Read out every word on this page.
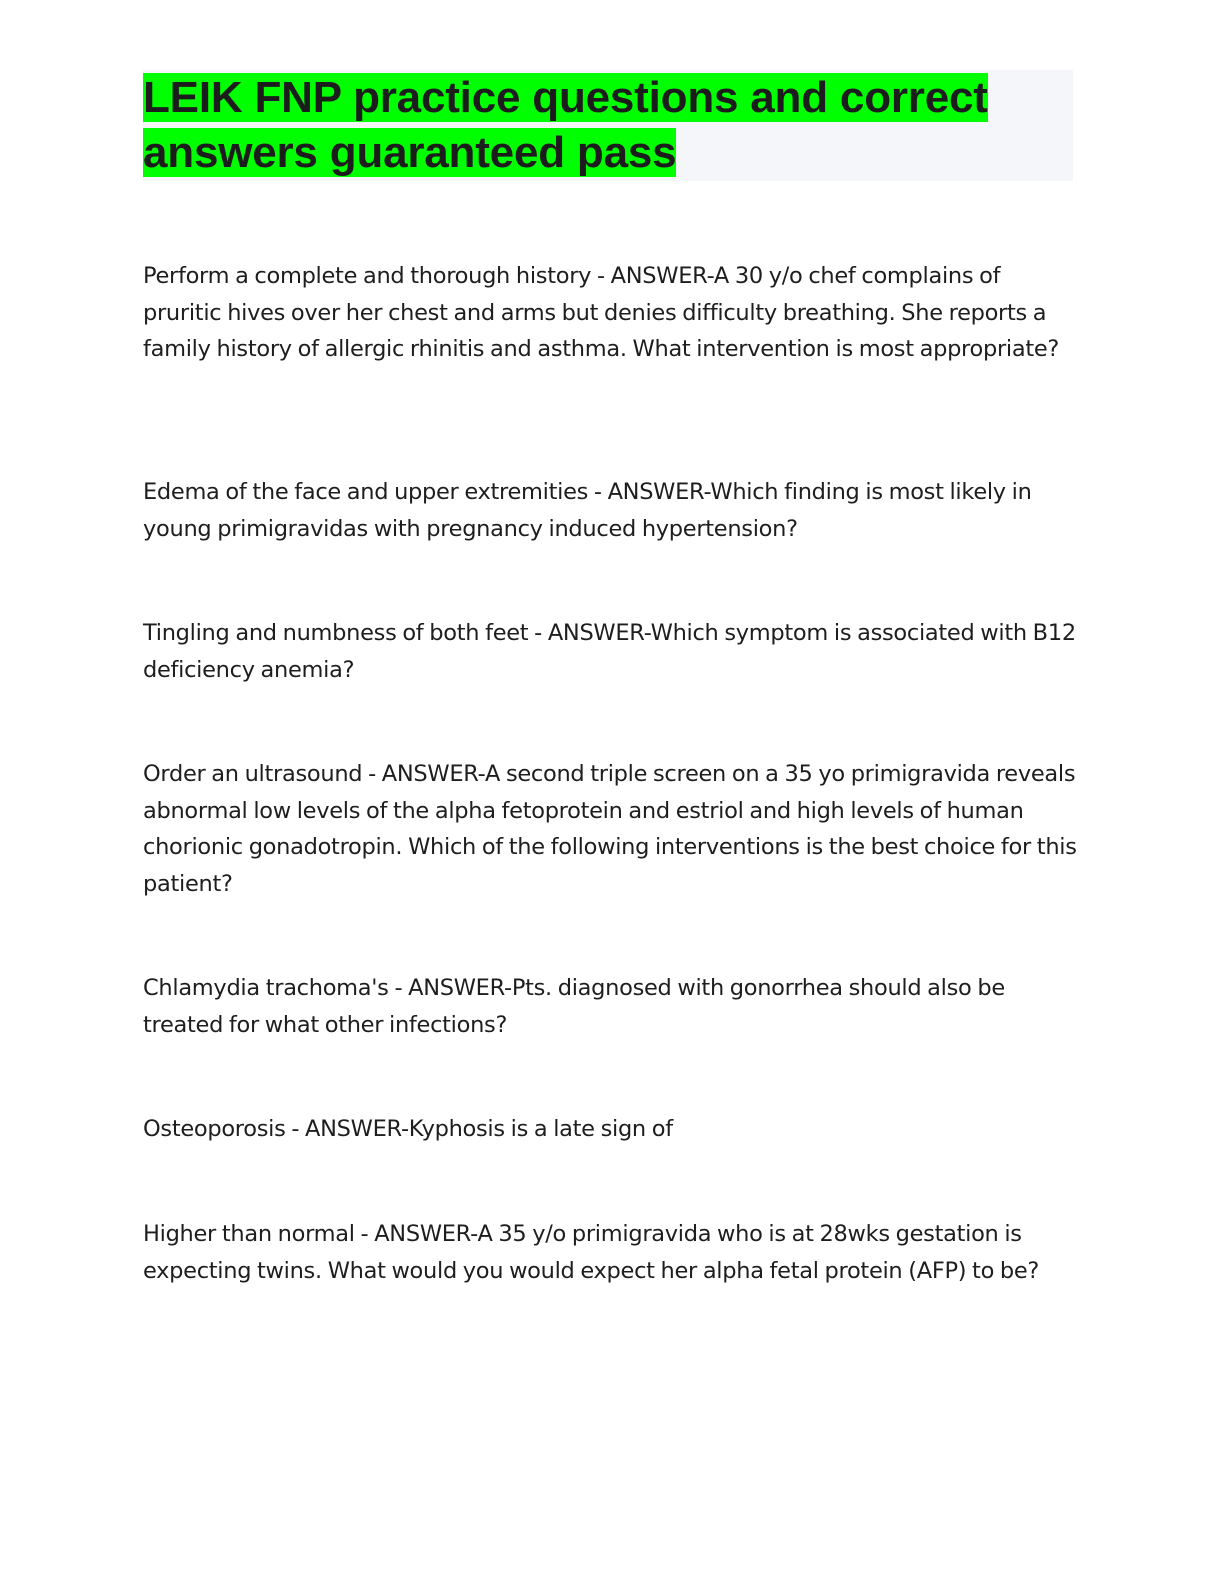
LEIK FNP practice questions and correct answers guaranteed pass

Perform a complete and thorough history - ANSWER-A 30 y/o chef complains of pruritic hives over her chest and arms but denies difficulty breathing. She reports a family history of allergic rhinitis and asthma. What intervention is most appropriate?

Edema of the face and upper extremities - ANSWER-Which finding is most likely in young primigravidas with pregnancy induced hypertension?

Tingling and numbness of both feet - ANSWER-Which symptom is associated with B12 deficiency anemia?

Order an ultrasound - ANSWER-A second triple screen on a 35 yo primigravida reveals abnormal low levels of the alpha fetoprotein and estriol and high levels of human chorionic gonadotropin. Which of the following interventions is the best choice for this patient?

Chlamydia trachoma's - ANSWER-Pts. diagnosed with gonorrhea should also be treated for what other infections?

Osteoporosis - ANSWER-Kyphosis is a late sign of

Higher than normal - ANSWER-A 35 y/o primigravida who is at 28wks gestation is expecting twins. What would you would expect her alpha fetal protein (AFP) to be?
